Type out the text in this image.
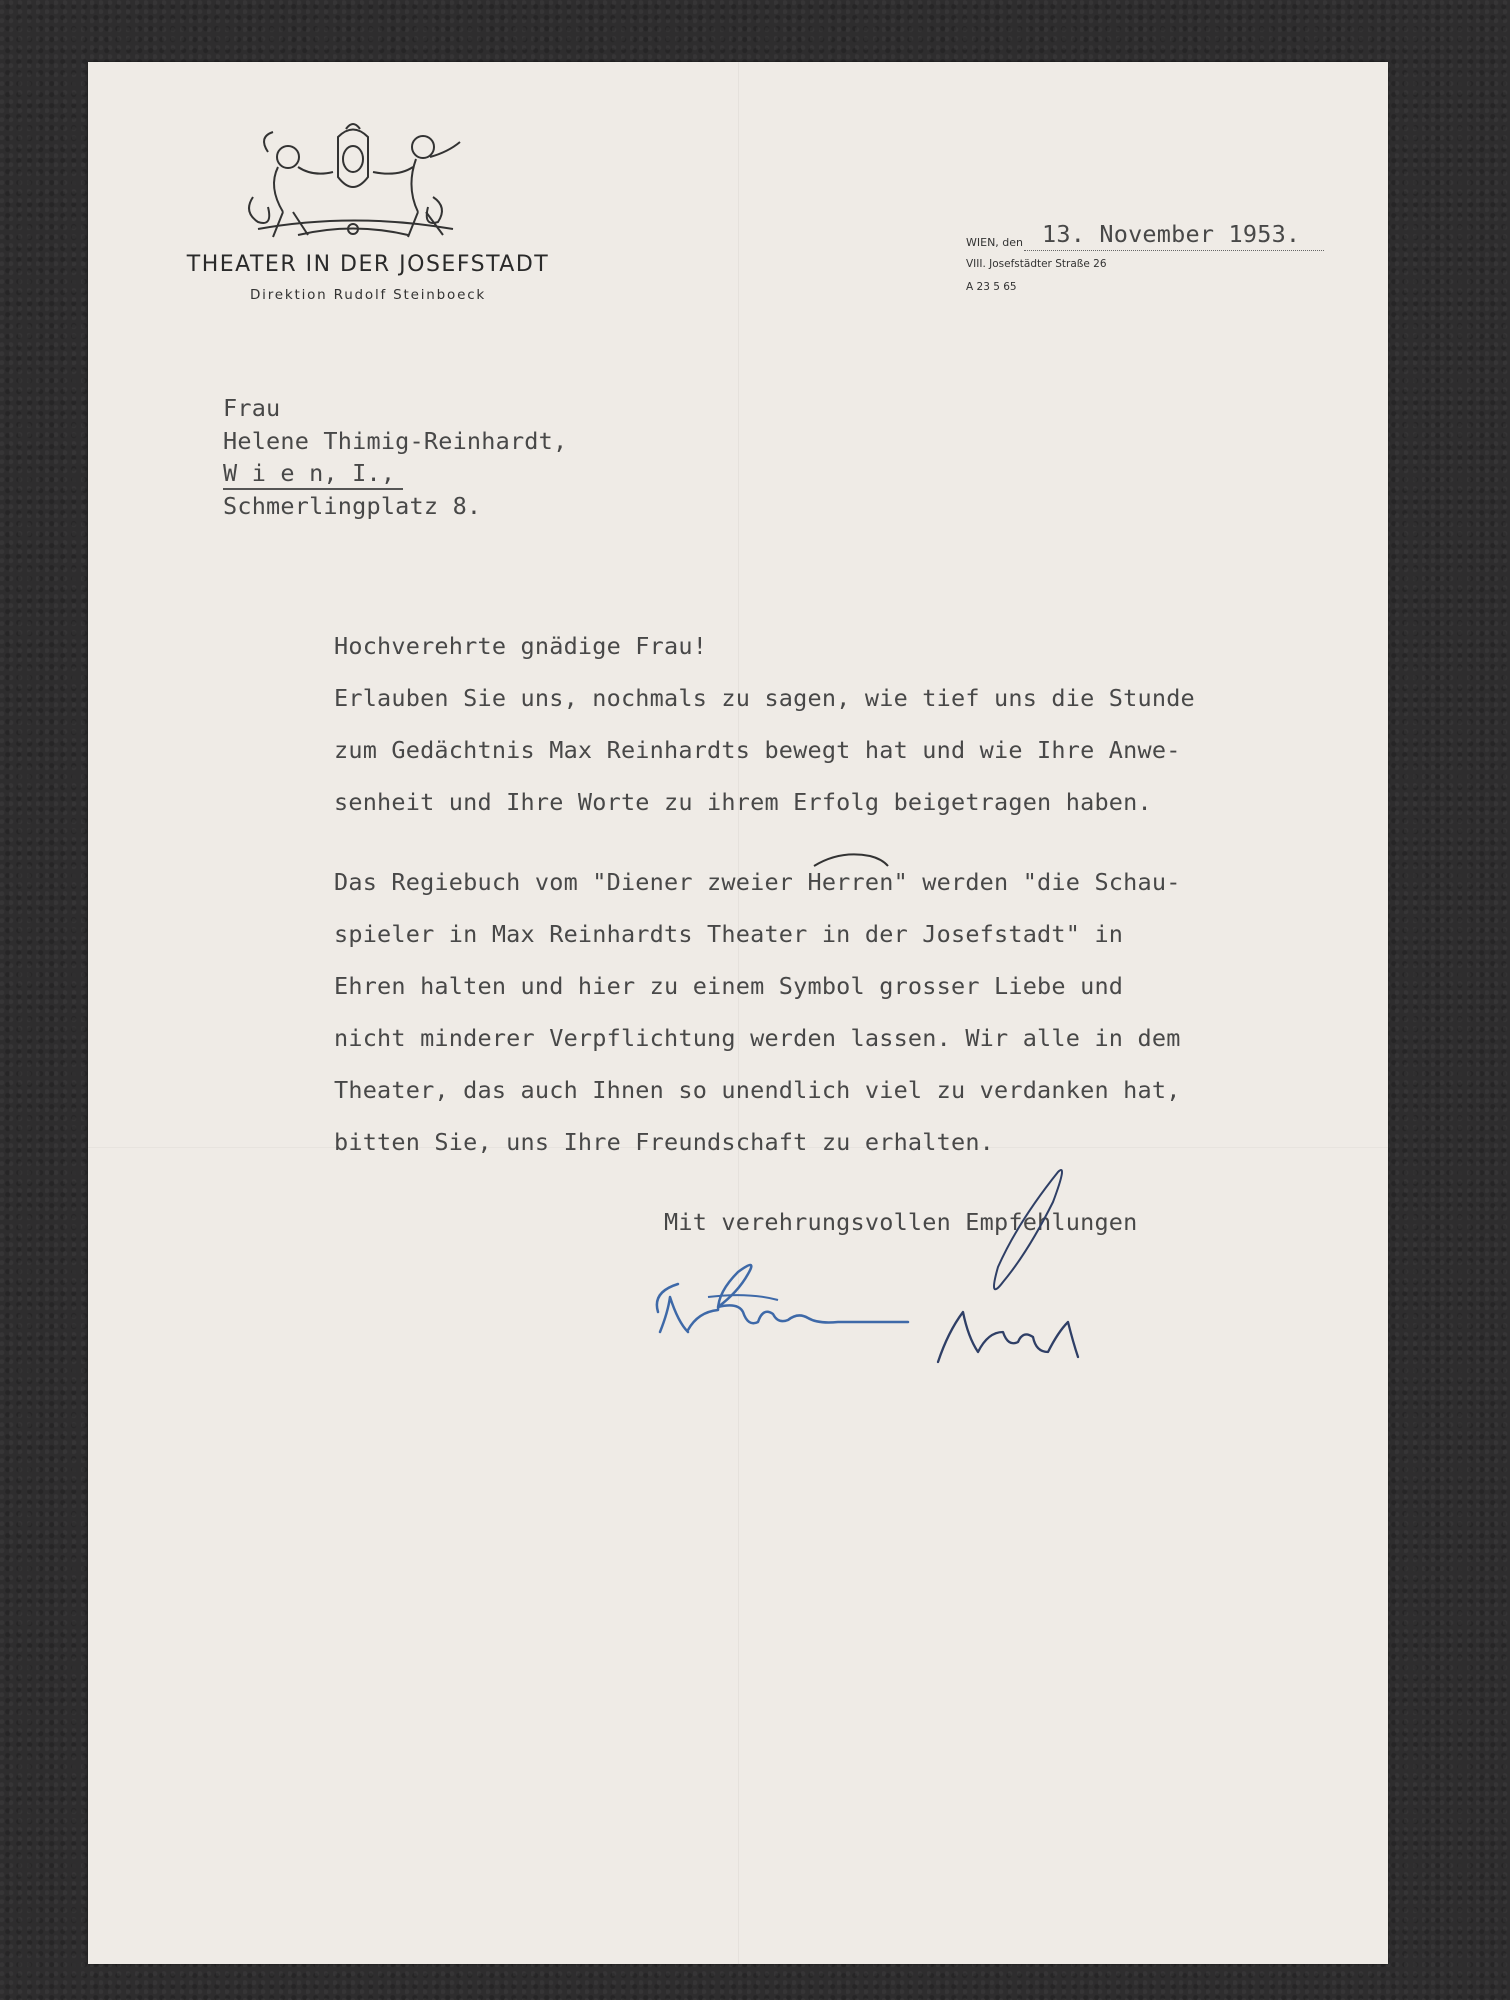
THEATER IN DER JOSEFSTADT
Direktion Rudolf Steinboeck
WIEN, den 13. November 1953.
VIII. Josefstädter Straße 26
A 23 5 65
Frau
Helene Thimig-Reinhardt,
W i e n, I.,
Schmerlingplatz 8.
Hochverehrte gnädige Frau!
Erlauben Sie uns, nochmals zu sagen, wie tief uns die Stunde
zum Gedächtnis Max Reinhardts bewegt hat und wie Ihre Anwe-
senheit und Ihre Worte zu ihrem Erfolg beigetragen haben.
Das Regiebuch vom "Diener zweier Herren" werden "die Schau-
spieler in Max Reinhardts Theater in der Josefstadt" in
Ehren halten und hier zu einem Symbol grosser Liebe und
nicht minderer Verpflichtung werden lassen. Wir alle in dem
Theater, das auch Ihnen so unendlich viel zu verdanken hat,
bitten Sie, uns Ihre Freundschaft zu erhalten.
Mit verehrungsvollen Empfehlungen
